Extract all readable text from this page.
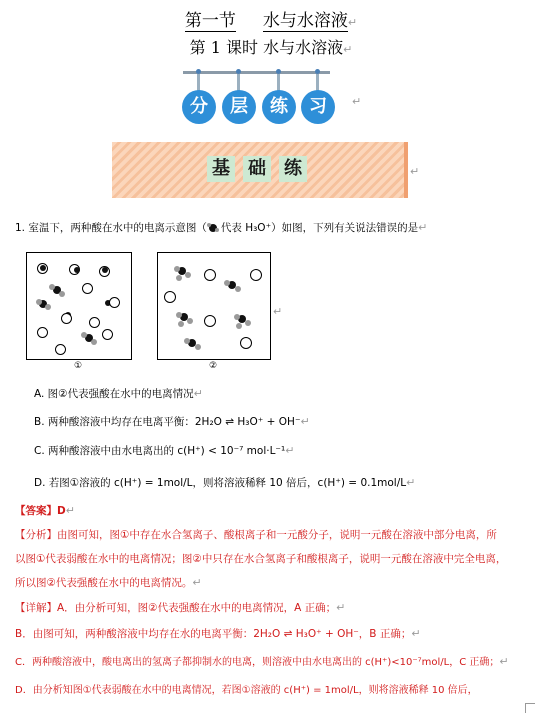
第一节 水与水溶液↵
第 1 课时 水与水溶液↵
分	层	练	习	↵
基 础 练	↵
1. 室温下，两种酸在水中的电离示意图（ 代表 H₃O⁺）如图，下列有关说法错误的是↵
①	②
↵
A. 图②代表强酸在水中的电离情况↵
B. 两种酸溶液中均存在电离平衡：2H₂O ⇌ H₃O⁺ + OH⁻↵
C. 两种酸溶液中由水电离出的 c(H⁺) < 10⁻⁷ mol·L⁻¹↵
D. 若图①溶液的 c(H⁺) = 1mol/L，则将溶液稀释 10 倍后，c(H⁺) = 0.1mol/L↵
【答案】D↵
【分析】由图可知，图①中存在水合氢离子、酸根离子和一元酸分子，说明一元酸在溶液中部分电离，所
以图①代表弱酸在水中的电离情况；图②中只存在水合氢离子和酸根离子，说明一元酸在溶液中完全电离，
所以图②代表强酸在水中的电离情况。↵
【详解】A．由分析可知，图②代表强酸在水中的电离情况，A 正确；↵
B．由图可知，两种酸溶液中均存在水的电离平衡：2H₂O ⇌ H₃O⁺ + OH⁻，B 正确；↵
C．两种酸溶液中，酸电离出的氢离子都抑制水的电离，则溶液中由水电离出的 c(H⁺)<10⁻⁷mol/L，C 正确；↵
D．由分析知图①代表弱酸在水中的电离情况，若图①溶液的 c(H⁺) = 1mol/L，则将溶液稀释 10 倍后，
